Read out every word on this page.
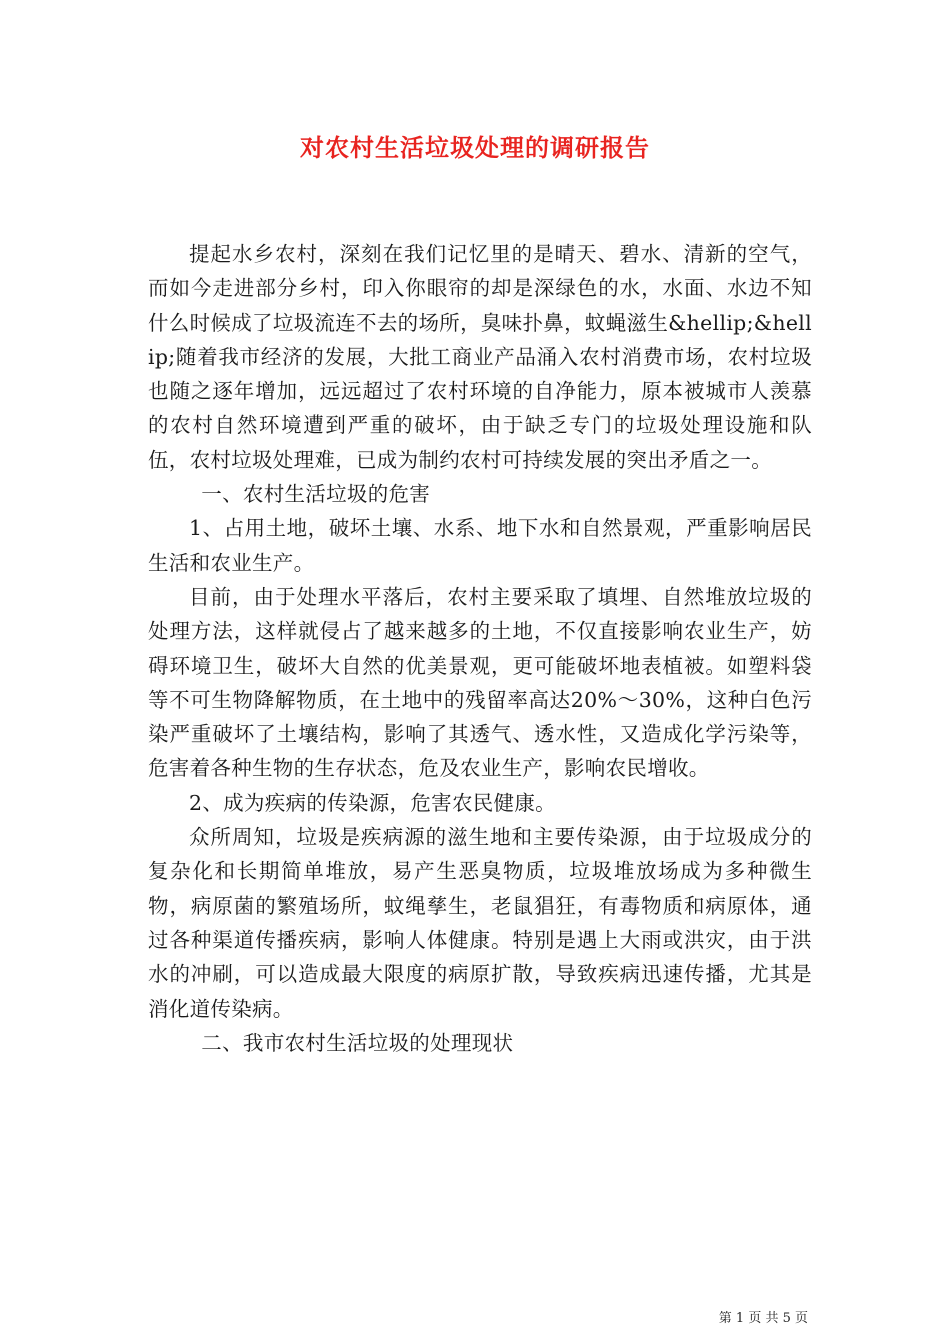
对农村生活垃圾处理的调研报告

提起水乡农村，深刻在我们记忆里的是晴天、碧水、清新的空气，而如今走进部分乡村，印入你眼帘的却是深绿色的水，水面、水边不知什么时候成了垃圾流连不去的场所，臭味扑鼻，蚊蝇滋生&hellip;&hellip;随着我市经济的发展，大批工商业产品涌入农村消费市场，农村垃圾也随之逐年增加，远远超过了农村环境的自净能力，原本被城市人羡慕的农村自然环境遭到严重的破坏，由于缺乏专门的垃圾处理设施和队伍，农村垃圾处理难，已成为制约农村可持续发展的突出矛盾之一。

一、农村生活垃圾的危害

1、占用土地，破坏土壤、水系、地下水和自然景观，严重影响居民生活和农业生产。

目前，由于处理水平落后，农村主要采取了填埋、自然堆放垃圾的处理方法，这样就侵占了越来越多的土地，不仅直接影响农业生产，妨碍环境卫生，破坏大自然的优美景观，更可能破坏地表植被。如塑料袋等不可生物降解物质，在土地中的残留率高达20%～30%，这种白色污染严重破坏了土壤结构，影响了其透气、透水性，又造成化学污染等，危害着各种生物的生存状态，危及农业生产，影响农民增收。

2、成为疾病的传染源，危害农民健康。

众所周知，垃圾是疾病源的滋生地和主要传染源，由于垃圾成分的复杂化和长期简单堆放，易产生恶臭物质，垃圾堆放场成为多种微生物，病原菌的繁殖场所，蚊绳孳生，老鼠猖狂，有毒物质和病原体，通过各种渠道传播疾病，影响人体健康。特别是遇上大雨或洪灾，由于洪水的冲刷，可以造成最大限度的病原扩散，导致疾病迅速传播，尤其是消化道传染病。

二、我市农村生活垃圾的处理现状

第 1 页 共 5 页
